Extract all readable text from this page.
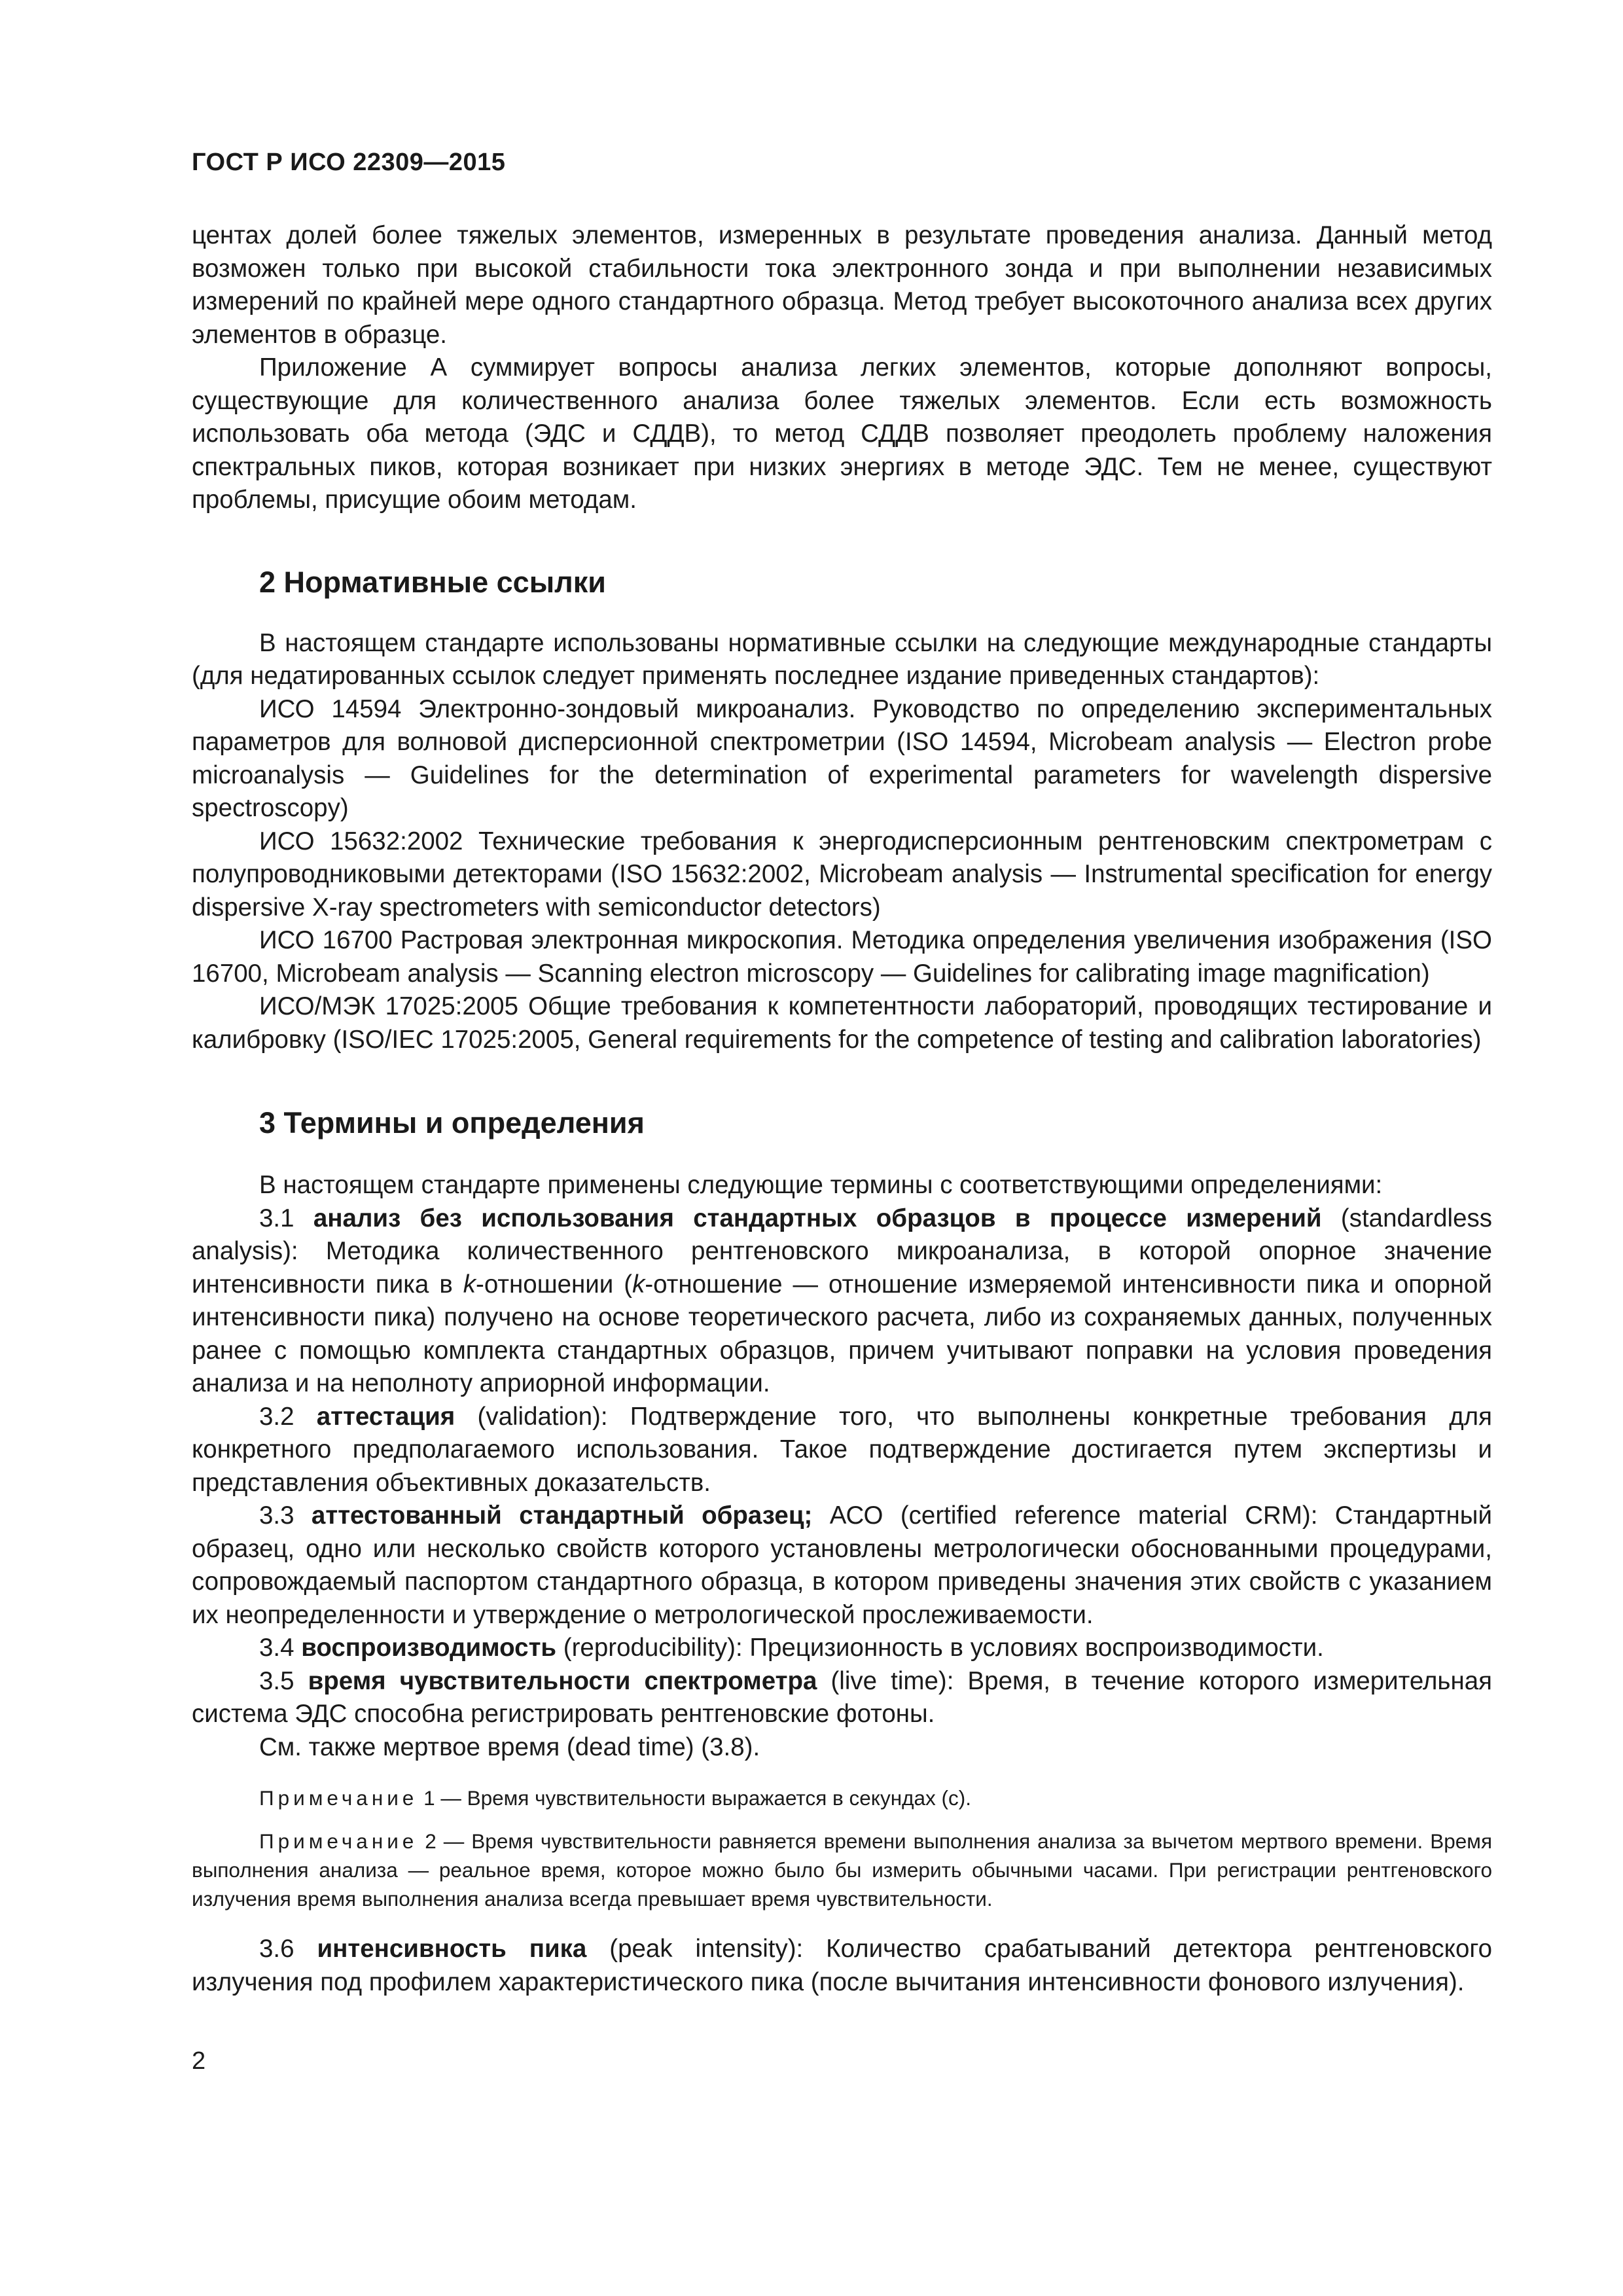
ГОСТ Р ИСО 22309—2015

центах долей более тяжелых элементов, измеренных в результате проведения анализа. Данный метод возможен только при высокой стабильности тока электронного зонда и при выполнении независимых измерений по крайней мере одного стандартного образца. Метод требует высокоточного анализа всех других элементов в образце.

Приложение А суммирует вопросы анализа легких элементов, которые дополняют вопросы, существующие для количественного анализа более тяжелых элементов. Если есть возможность использовать оба метода (ЭДС и СДДВ), то метод СДДВ позволяет преодолеть проблему наложения спектральных пиков, которая возникает при низких энергиях в методе ЭДС. Тем не менее, существуют проблемы, присущие обоим методам.

2 Нормативные ссылки

В настоящем стандарте использованы нормативные ссылки на следующие международные стандарты (для недатированных ссылок следует применять последнее издание приведенных стандартов):

ИСО 14594 Электронно-зондовый микроанализ. Руководство по определению экспериментальных параметров для волновой дисперсионной спектрометрии (ISO 14594, Microbeam analysis — Electron probe microanalysis — Guidelines for the determination of experimental parameters for wavelength dispersive spectroscopy)

ИСО 15632:2002 Технические требования к энергодисперсионным рентгеновским спектрометрам с полупроводниковыми детекторами (ISO 15632:2002, Microbeam analysis — Instrumental specification for energy dispersive X-ray spectrometers with semiconductor detectors)

ИСО 16700 Растровая электронная микроскопия. Методика определения увеличения изображения (ISO 16700, Microbeam analysis — Scanning electron microscopy — Guidelines for calibrating image magnification)

ИСО/МЭК 17025:2005 Общие требования к компетентности лабораторий, проводящих тестирование и калибровку (ISO/IEC 17025:2005, General requirements for the competence of testing and calibration laboratories)

3 Термины и определения

В настоящем стандарте применены следующие термины с соответствующими определениями:

3.1 анализ без использования стандартных образцов в процессе измерений (standardless analysis): Методика количественного рентгеновского микроанализа, в которой опорное значение интенсивности пика в k-отношении (k-отношение — отношение измеряемой интенсивности пика и опорной интенсивности пика) получено на основе теоретического расчета, либо из сохраняемых данных, полученных ранее с помощью комплекта стандартных образцов, причем учитывают поправки на условия проведения анализа и на неполноту априорной информации.

3.2 аттестация (validation): Подтверждение того, что выполнены конкретные требования для конкретного предполагаемого использования. Такое подтверждение достигается путем экспертизы и представления объективных доказательств.

3.3 аттестованный стандартный образец; АСО (certified reference material CRM): Стандартный образец, одно или несколько свойств которого установлены метрологически обоснованными процедурами, сопровождаемый паспортом стандартного образца, в котором приведены значения этих свойств с указанием их неопределенности и утверждение о метрологической прослеживаемости.

3.4 воспроизводимость (reproducibility): Прецизионность в условиях воспроизводимости.

3.5 время чувствительности спектрометра (live time): Время, в течение которого измерительная система ЭДС способна регистрировать рентгеновские фотоны.

См. также мертвое время (dead time) (3.8).

Примечание 1 — Время чувствительности выражается в секундах (с).

Примечание 2 — Время чувствительности равняется времени выполнения анализа за вычетом мертвого времени. Время выполнения анализа — реальное время, которое можно было бы измерить обычными часами. При регистрации рентгеновского излучения время выполнения анализа всегда превышает время чувствительности.

3.6 интенсивность пика (peak intensity): Количество срабатываний детектора рентгеновского излучения под профилем характеристического пика (после вычитания интенсивности фонового излучения).

2
